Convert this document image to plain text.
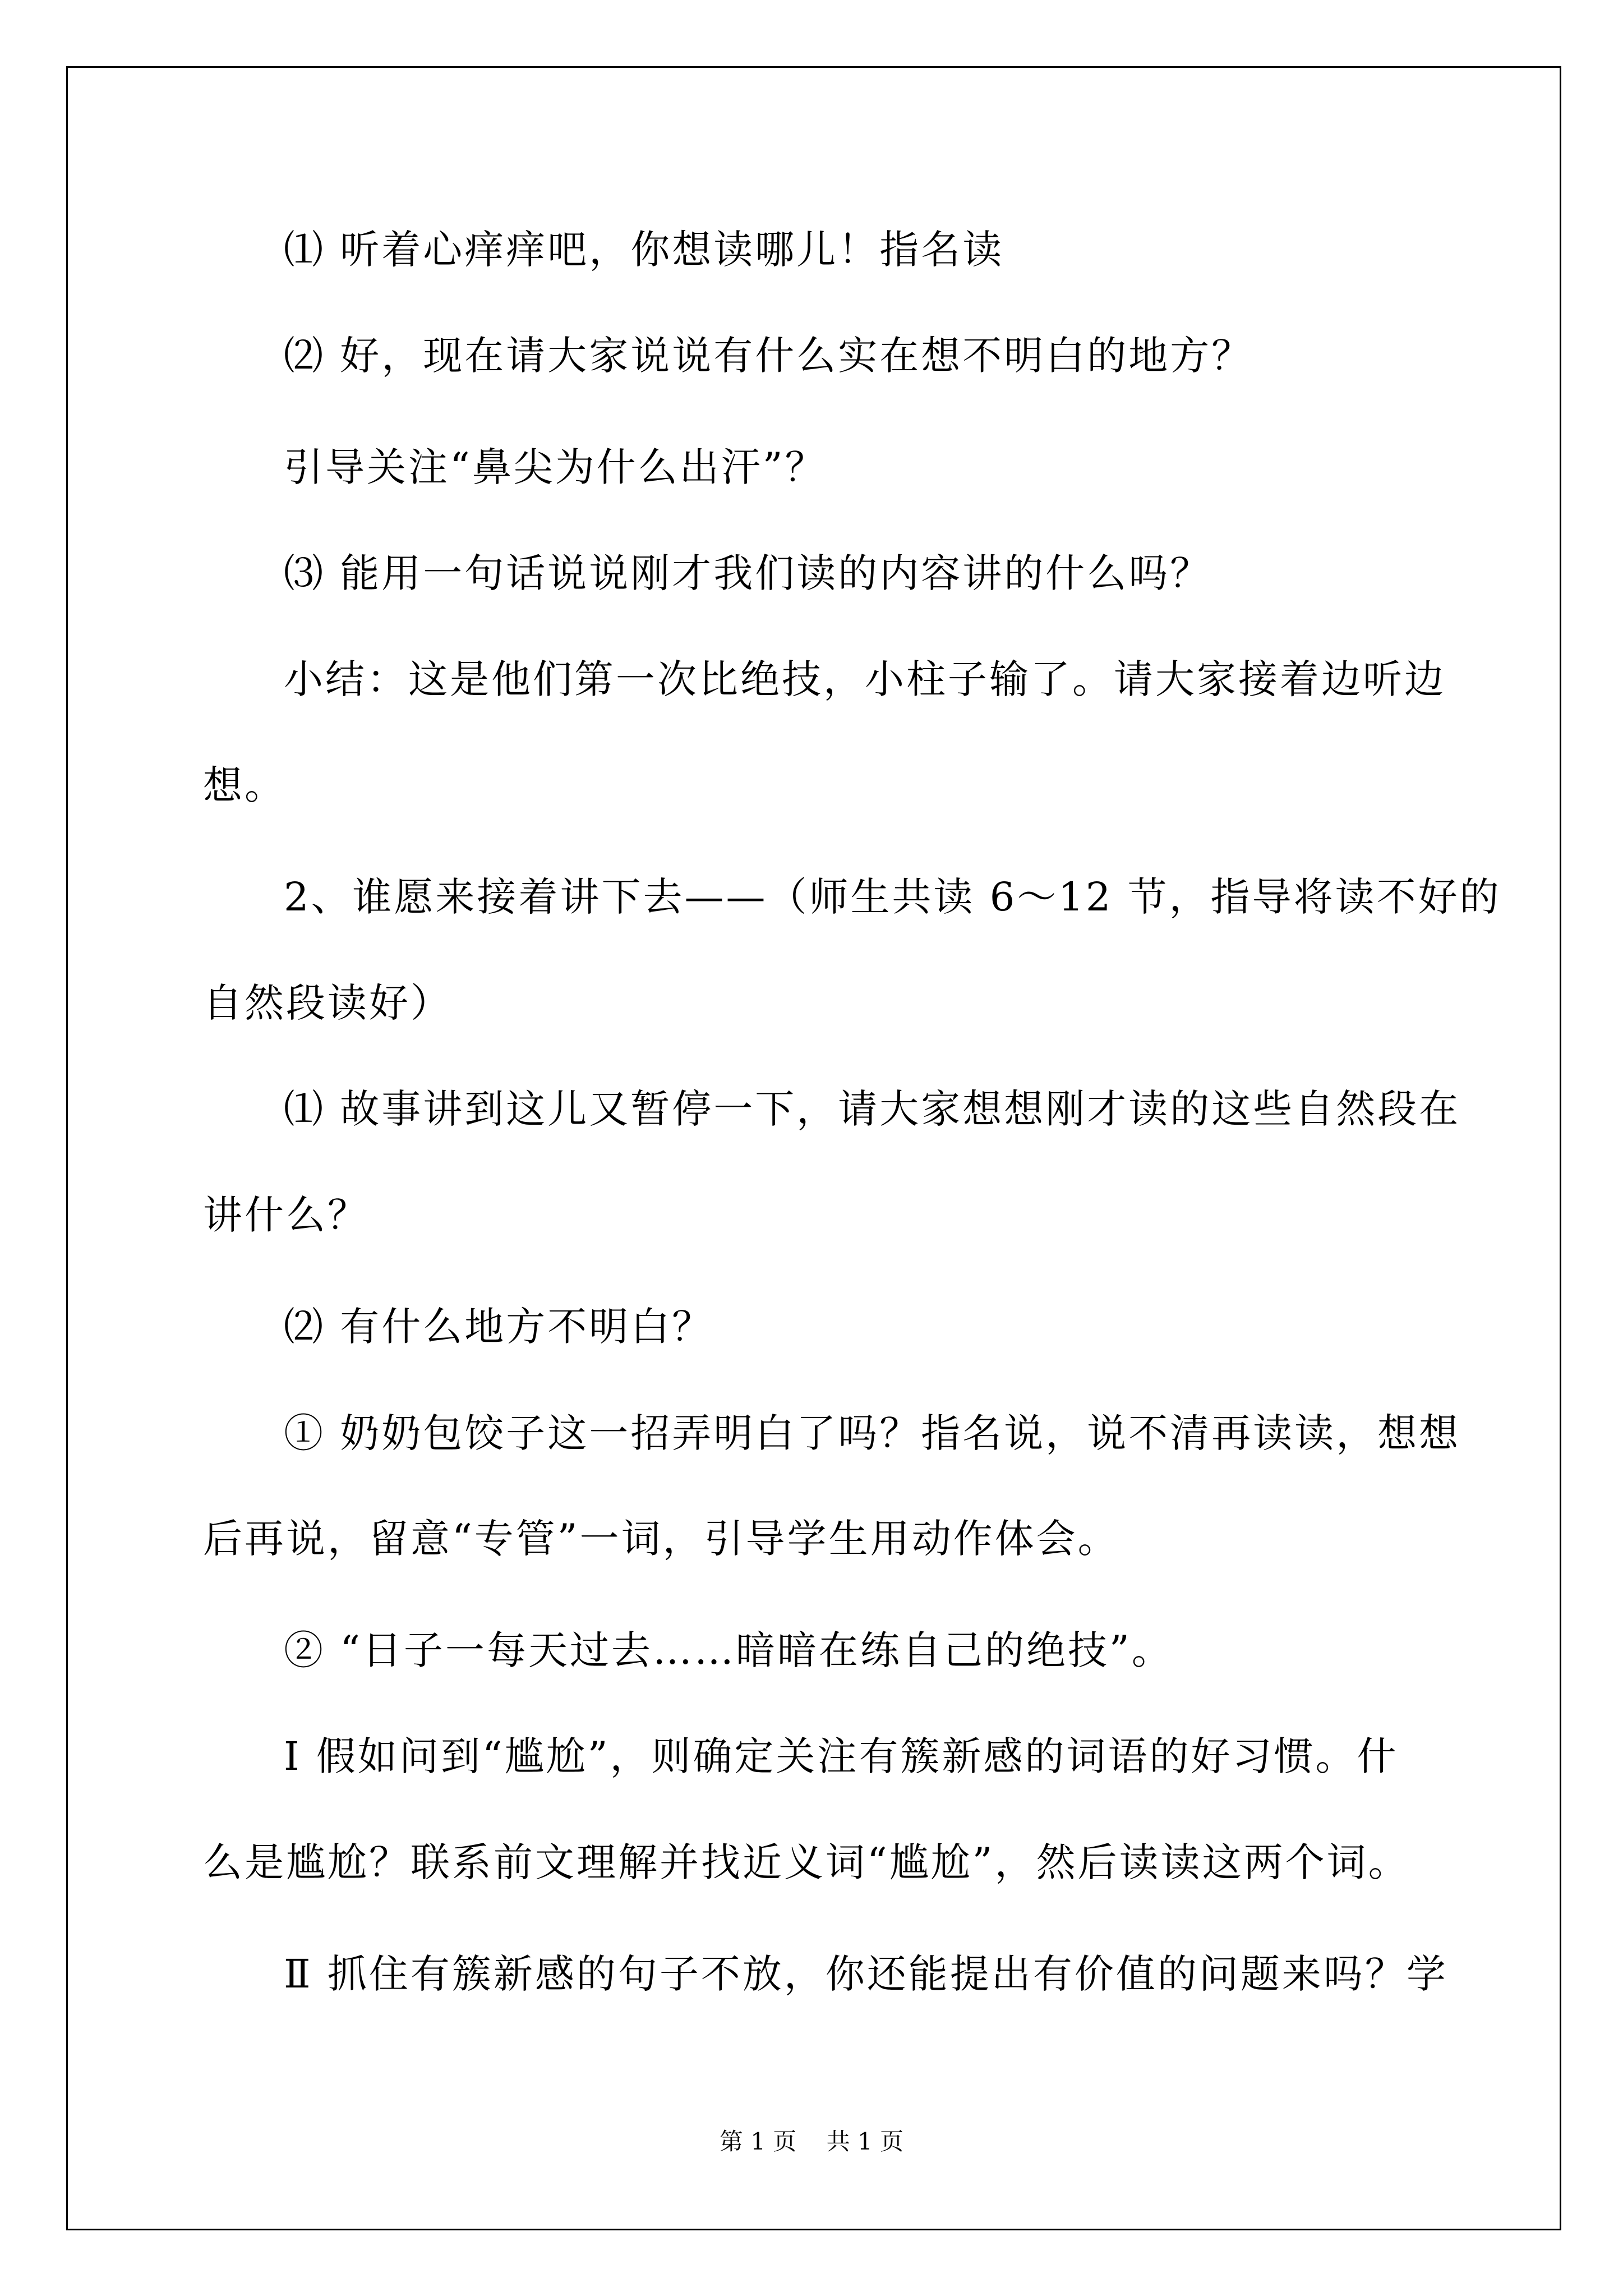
⑴ 听着心痒痒吧，你想读哪儿！指名读
⑵ 好，现在请大家说说有什么实在想不明白的地方？
引导关注“鼻尖为什么出汗”？
⑶ 能用一句话说说刚才我们读的内容讲的什么吗？
小结：这是他们第一次比绝技，小柱子输了。请大家接着边听边
想。
2、谁愿来接着讲下去——（师生共读 6～12 节，指导将读不好的
自然段读好）
⑴ 故事讲到这儿又暂停一下，请大家想想刚才读的这些自然段在
讲什么？
⑵ 有什么地方不明白？
① 奶奶包饺子这一招弄明白了吗？指名说，说不清再读读，想想
后再说，留意“专管”一词，引导学生用动作体会。
② “日子一每天过去……暗暗在练自己的绝技”。
Ⅰ 假如问到“尴尬”，则确定关注有簇新感的词语的好习惯。什
么是尴尬？联系前文理解并找近义词“尴尬”，然后读读这两个词。
Ⅱ 抓住有簇新感的句子不放，你还能提出有价值的问题来吗？学
第 1 页    共 1 页
